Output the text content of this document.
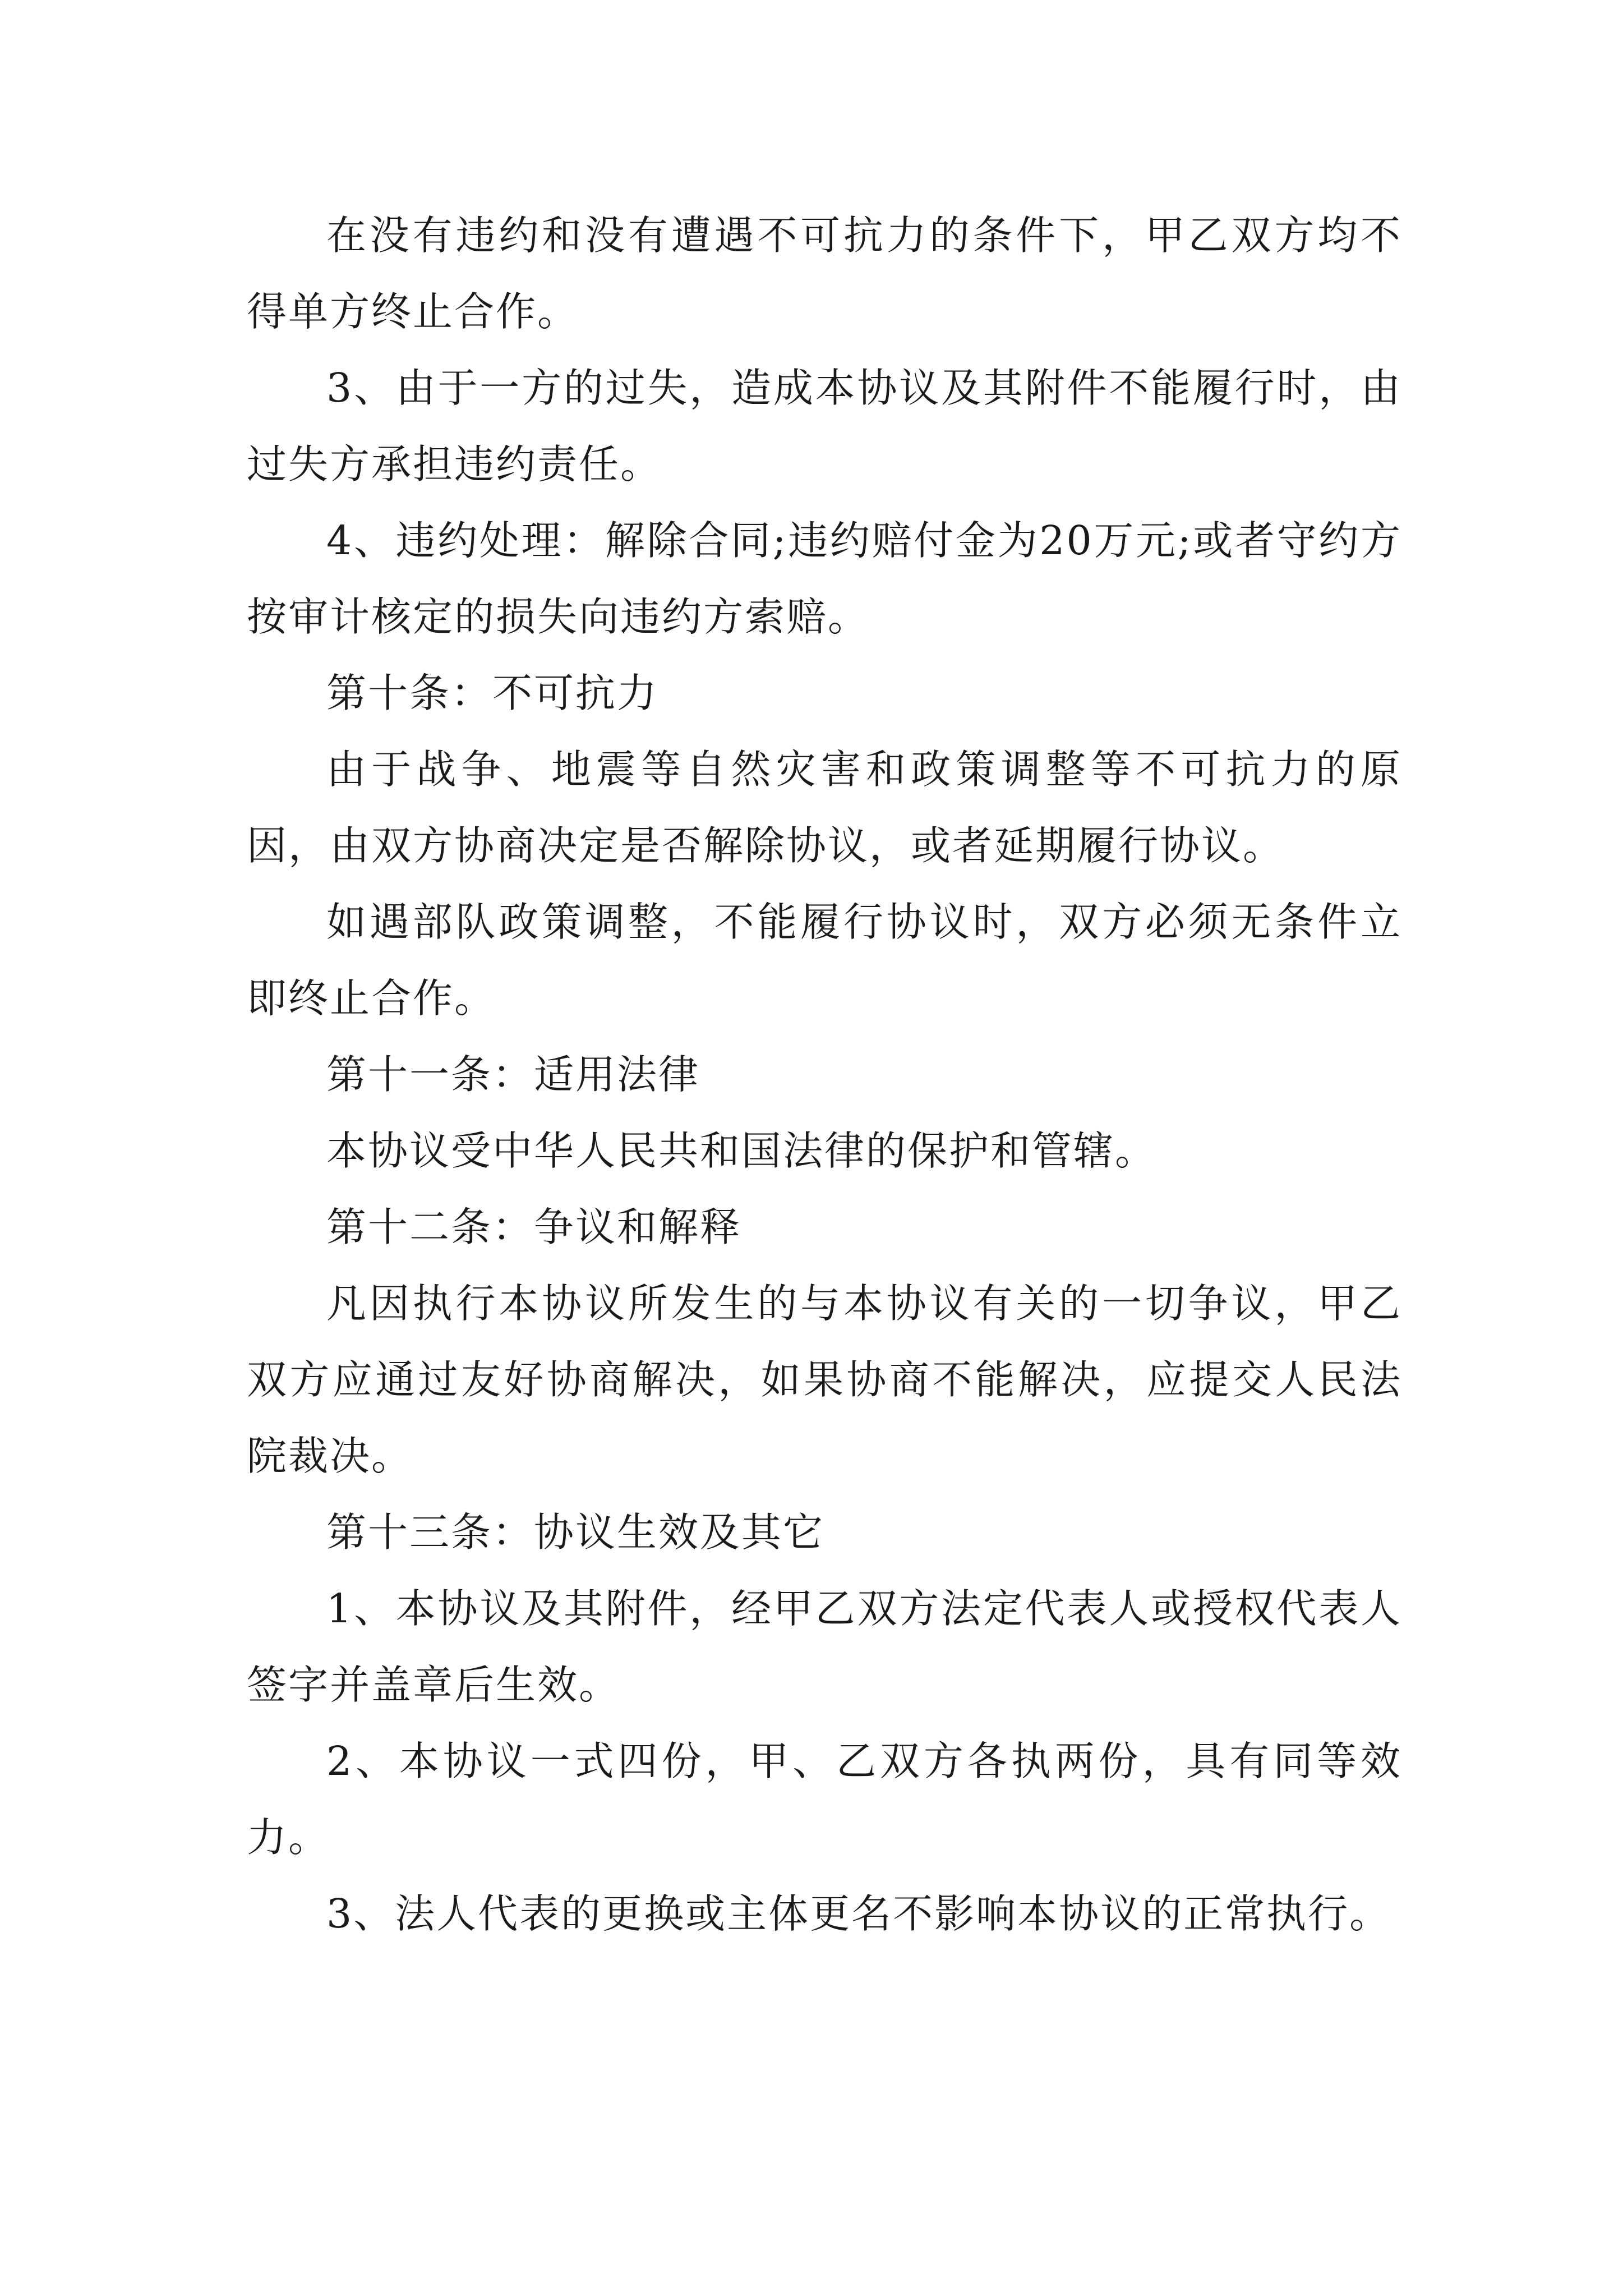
在没有违约和没有遭遇不可抗力的条件下，甲乙双方均不得单方终止合作。

3、由于一方的过失，造成本协议及其附件不能履行时，由过失方承担违约责任。

4、违约处理：解除合同;违约赔付金为20万元;或者守约方按审计核定的损失向违约方索赔。

第十条：不可抗力

由于战争、地震等自然灾害和政策调整等不可抗力的原因，由双方协商决定是否解除协议，或者延期履行协议。

如遇部队政策调整，不能履行协议时，双方必须无条件立即终止合作。

第十一条：适用法律

本协议受中华人民共和国法律的保护和管辖。

第十二条：争议和解释

凡因执行本协议所发生的与本协议有关的一切争议，甲乙双方应通过友好协商解决，如果协商不能解决，应提交人民法院裁决。

第十三条：协议生效及其它

1、本协议及其附件，经甲乙双方法定代表人或授权代表人签字并盖章后生效。

2、本协议一式四份，甲、乙双方各执两份，具有同等效力。

3、法人代表的更换或主体更名不影响本协议的正常执行。
